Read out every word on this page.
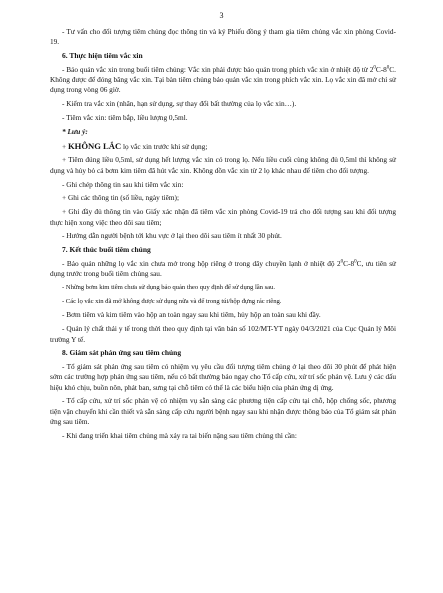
3

- Tư vấn cho đối tượng tiêm chủng đọc thông tin và ký Phiếu đồng ý tham gia tiêm chủng vắc xin phòng Covid-19.

6. Thực hiện tiêm vắc xin

- Bảo quản vắc xin trong buổi tiêm chủng: Vắc xin phải được bảo quản trong phích vắc xin ở nhiệt độ từ $2^0C-8^0C$. Không được để đóng băng vắc xin. Tại bàn tiêm chủng bảo quản vắc xin trong phích vắc xin. Lọ vắc xin đã mở chỉ sử dụng trong vòng 06 giờ.

- Kiểm tra vắc xin (nhãn, hạn sử dụng, sự thay đổi bất thường của lọ vắc xin…).

- Tiêm vắc xin: tiêm bắp, liều lượng 0,5ml.

* Lưu ý:

+ KHÔNG LẮC lọ vắc xin trước khi sử dụng;

+ Tiêm đúng liều 0,5ml, sử dụng hết lượng vắc xin có trong lọ. Nếu liều cuối cùng không đủ 0,5ml thì không sử dụng và hủy bỏ cả bơm kim tiêm đã hút vắc xin. Không dồn vắc xin từ 2 lọ khác nhau để tiêm cho đối tượng.

- Ghi chép thông tin sau khi tiêm vắc xin:

+ Ghi các thông tin (số liều, ngày tiêm);

+ Ghi đầy đủ thông tin vào Giấy xác nhận đã tiêm vắc xin phòng Covid-19 trả cho đối tượng sau khi đối tượng thực hiện xong việc theo dõi sau tiêm;

- Hướng dẫn người bệnh tới khu vực ở lại theo dõi sau tiêm ít nhất 30 phút.

7. Kết thúc buổi tiêm chủng

- Bảo quản những lọ vắc xin chưa mở trong hộp riêng ở trong dây chuyền lạnh ở nhiệt độ $2^0C-8^0C$, ưu tiên sử dụng trước trong buổi tiêm chủng sau.

- Những bơm kim tiêm chưa sử dụng bảo quản theo quy định để sử dụng lần sau.

- Các lọ vắc xin đã mở không được sử dụng nữa và để trong túi/hộp đựng rác riêng.

- Bơm tiêm và kim tiêm vào hộp an toàn ngay sau khi tiêm, hủy hộp an toàn sau khi đầy.

- Quản lý chất thải y tế trong thời theo quy định tại văn bản số 102/MT-YT ngày 04/3/2021 của Cục Quản lý Môi trường Y tế.

8. Giám sát phản ứng sau tiêm chủng

- Tổ giám sát phản ứng sau tiêm có nhiệm vụ yêu cầu đối tượng tiêm chủng ở lại theo dõi 30 phút để phát hiện sớm các trường hợp phản ứng sau tiêm, nếu có bất thường báo ngay cho Tổ cấp cứu, xử trí sốc phản vệ. Lưu ý các dấu hiệu khó chịu, buồn nôn, phát ban, sưng tại chỗ tiêm có thể là các biểu hiện của phản ứng dị ứng.

- Tổ cấp cứu, xử trí sốc phản vệ có nhiệm vụ sẵn sàng các phương tiện cấp cứu tại chỗ, hộp chống sốc, phương tiện vận chuyển khi cần thiết và sẵn sàng cấp cứu người bệnh ngay sau khi nhận được thông báo của Tổ giám sát phản ứng sau tiêm.

- Khi đang triển khai tiêm chủng mà xảy ra tai biến nặng sau tiêm chủng thì cần:
